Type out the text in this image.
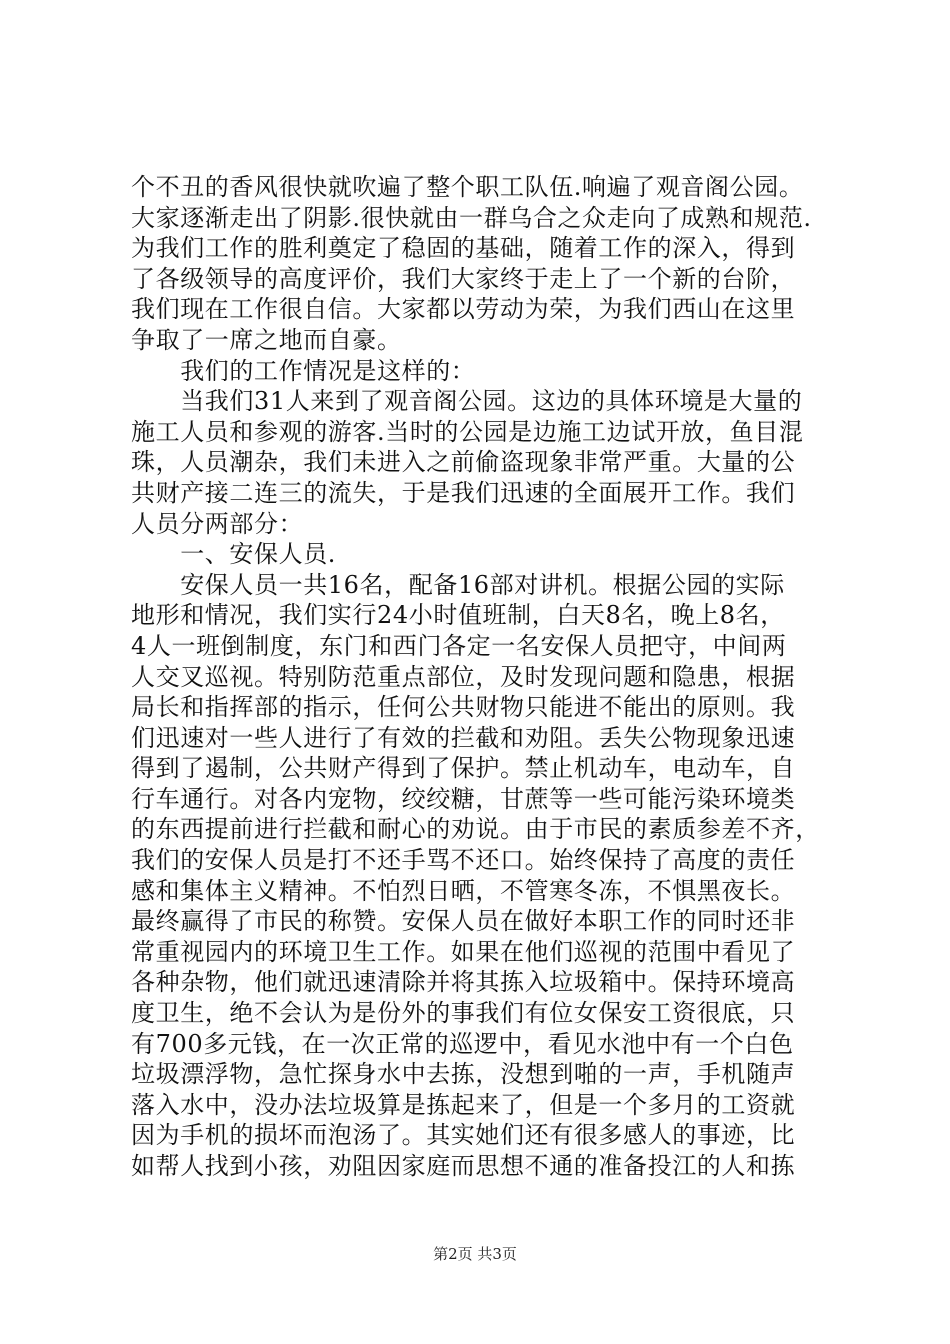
个不丑的香风很快就吹遍了整个职工队伍.响遍了观音阁公园。
大家逐渐走出了阴影.很快就由一群乌合之众走向了成熟和规范.
为我们工作的胜利奠定了稳固的基础，随着工作的深入，得到
了各级领导的高度评价，我们大家终于走上了一个新的台阶，
我们现在工作很自信。大家都以劳动为荣，为我们西山在这里
争取了一席之地而自豪。
　　我们的工作情况是这样的：
　　当我们31人来到了观音阁公园。这边的具体环境是大量的
施工人员和参观的游客.当时的公园是边施工边试开放，鱼目混
珠，人员潮杂，我们未进入之前偷盗现象非常严重。大量的公
共财产接二连三的流失，于是我们迅速的全面展开工作。我们
人员分两部分：
　　一、安保人员.
　　安保人员一共16名，配备16部对讲机。根据公园的实际
地形和情况，我们实行24小时值班制，白天8名，晚上8名，
4人一班倒制度，东门和西门各定一名安保人员把守，中间两
人交叉巡视。特别防范重点部位，及时发现问题和隐患，根据
局长和指挥部的指示，任何公共财物只能进不能出的原则。我
们迅速对一些人进行了有效的拦截和劝阻。丢失公物现象迅速
得到了遏制，公共财产得到了保护。禁止机动车，电动车，自
行车通行。对各内宠物，绞绞糖，甘蔗等一些可能污染环境类
的东西提前进行拦截和耐心的劝说。由于市民的素质参差不齐，
我们的安保人员是打不还手骂不还口。始终保持了高度的责任
感和集体主义精神。不怕烈日晒，不管寒冬冻，不惧黑夜长。
最终赢得了市民的称赞。安保人员在做好本职工作的同时还非
常重视园内的环境卫生工作。如果在他们巡视的范围中看见了
各种杂物，他们就迅速清除并将其拣入垃圾箱中。保持环境高
度卫生，绝不会认为是份外的事我们有位女保安工资很底，只
有700多元钱，在一次正常的巡逻中，看见水池中有一个白色
垃圾漂浮物，急忙探身水中去拣，没想到啪的一声，手机随声
落入水中，没办法垃圾算是拣起来了，但是一个多月的工资就
因为手机的损坏而泡汤了。其实她们还有很多感人的事迹，比
如帮人找到小孩，劝阻因家庭而思想不通的准备投江的人和拣
第2页 共3页
